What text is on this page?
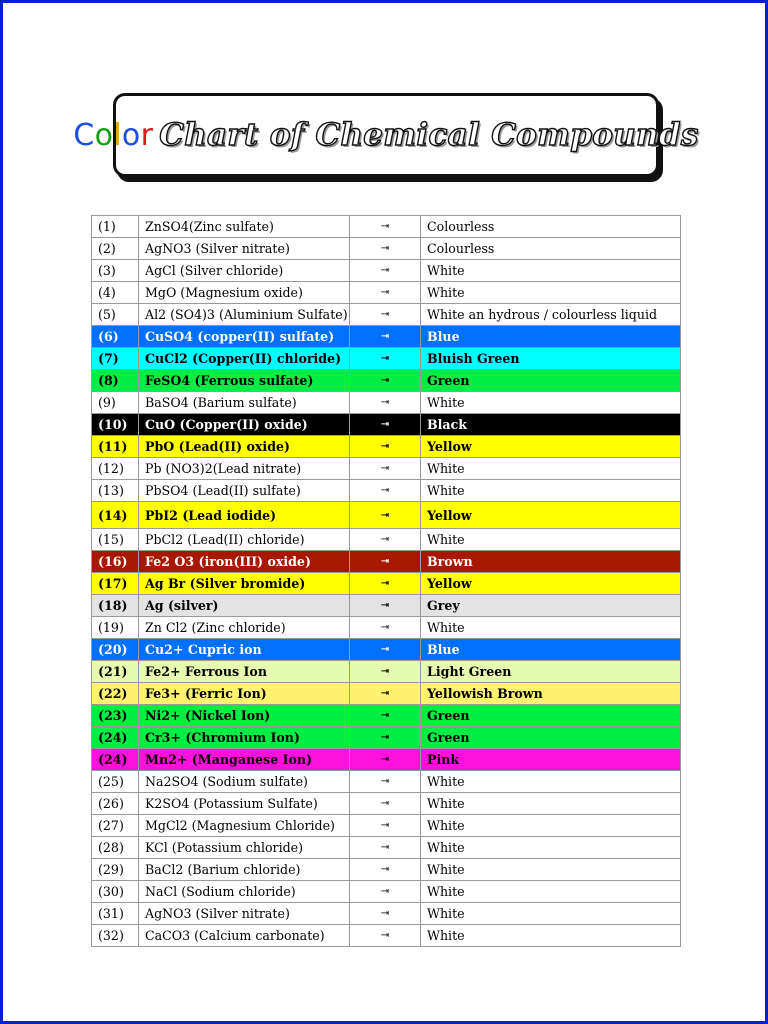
Color Chart of Chemical Compounds
(1)	ZnSO4(Zinc sulfate)	⇥	Colourless
(2)	AgNO3 (Silver nitrate)	⇥	Colourless
(3)	AgCl (Silver chloride)	⇥	White
(4)	MgO (Magnesium oxide)	⇥	White
(5)	Al2 (SO4)3 (Aluminium Sulfate)	⇥	White an hydrous / colourless liquid
(6)	CuSO4 (copper(II) sulfate)	⇥	Blue
(7)	CuCl2 (Copper(II) chloride)	⇥	Bluish Green
(8)	FeSO4 (Ferrous sulfate)	⇥	Green
(9)	BaSO4 (Barium sulfate)	⇥	White
(10)	CuO (Copper(II) oxide)	⇥	Black
(11)	PbO (Lead(II) oxide)	⇥	Yellow
(12)	Pb (NO3)2(Lead nitrate)	⇥	White
(13)	PbSO4 (Lead(II) sulfate)	⇥	White
(14)	PbI2 (Lead iodide)	⇥	Yellow
(15)	PbCl2 (Lead(II) chloride)	⇥	White
(16)	Fe2 O3 (iron(III) oxide)	⇥	Brown
(17)	Ag Br (Silver bromide)	⇥	Yellow
(18)	Ag (silver)	⇥	Grey
(19)	Zn Cl2 (Zinc chloride)	⇥	White
(20)	Cu2+ Cupric ion	⇥	Blue
(21)	Fe2+ Ferrous Ion	⇥	Light Green
(22)	Fe3+ (Ferric Ion)	⇥	Yellowish Brown
(23)	Ni2+ (Nickel Ion)	⇥	Green
(24)	Cr3+ (Chromium Ion)	⇥	Green
(24)	Mn2+ (Manganese Ion)	⇥	Pink
(25)	Na2SO4 (Sodium sulfate)	⇥	White
(26)	K2SO4 (Potassium Sulfate)	⇥	White
(27)	MgCl2 (Magnesium Chloride)	⇥	White
(28)	KCl (Potassium chloride)	⇥	White
(29)	BaCl2 (Barium chloride)	⇥	White
(30)	NaCl (Sodium chloride)	⇥	White
(31)	AgNO3 (Silver nitrate)	⇥	White
(32)	CaCO3 (Calcium carbonate)	⇥	White
